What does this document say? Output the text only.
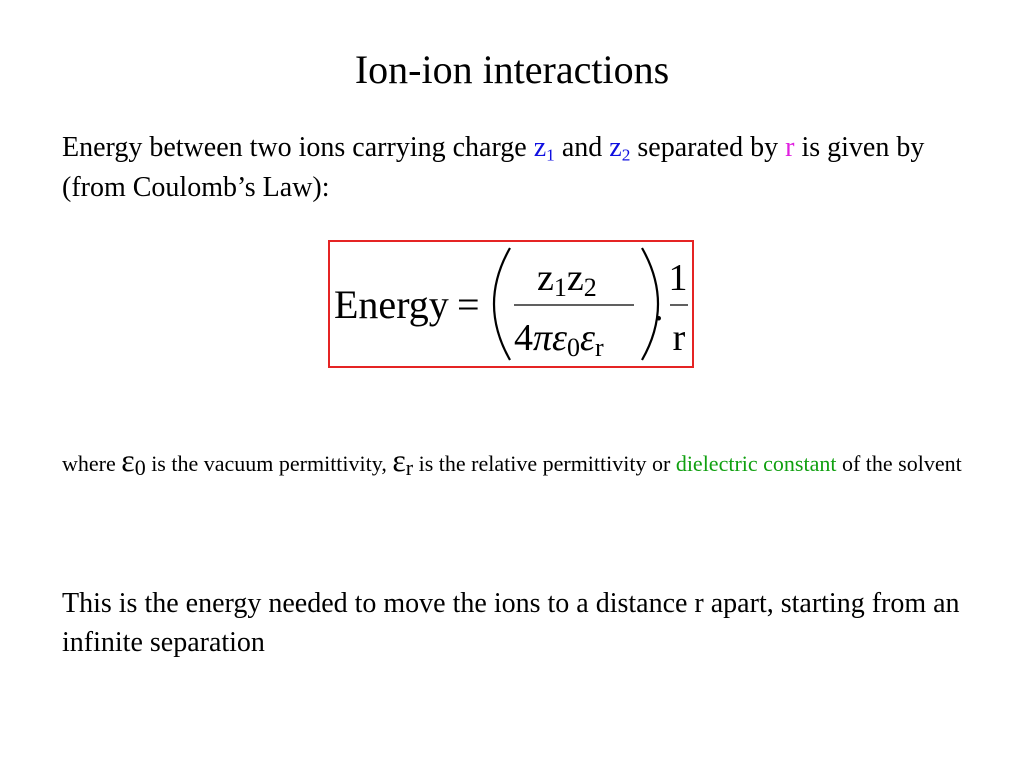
Ion-ion interactions
Energy between two ions carrying charge $z_1$ and $z_2$ separated by r is given by (from Coulomb’s Law):
Energy =
z1z2
4πε0εr
.
1
r
where ε0 is the vacuum permittivity, εr is the relative permittivity or dielectric constant of the solvent
This is the energy needed to move the ions to a distance r apart, starting from an infinite separation
